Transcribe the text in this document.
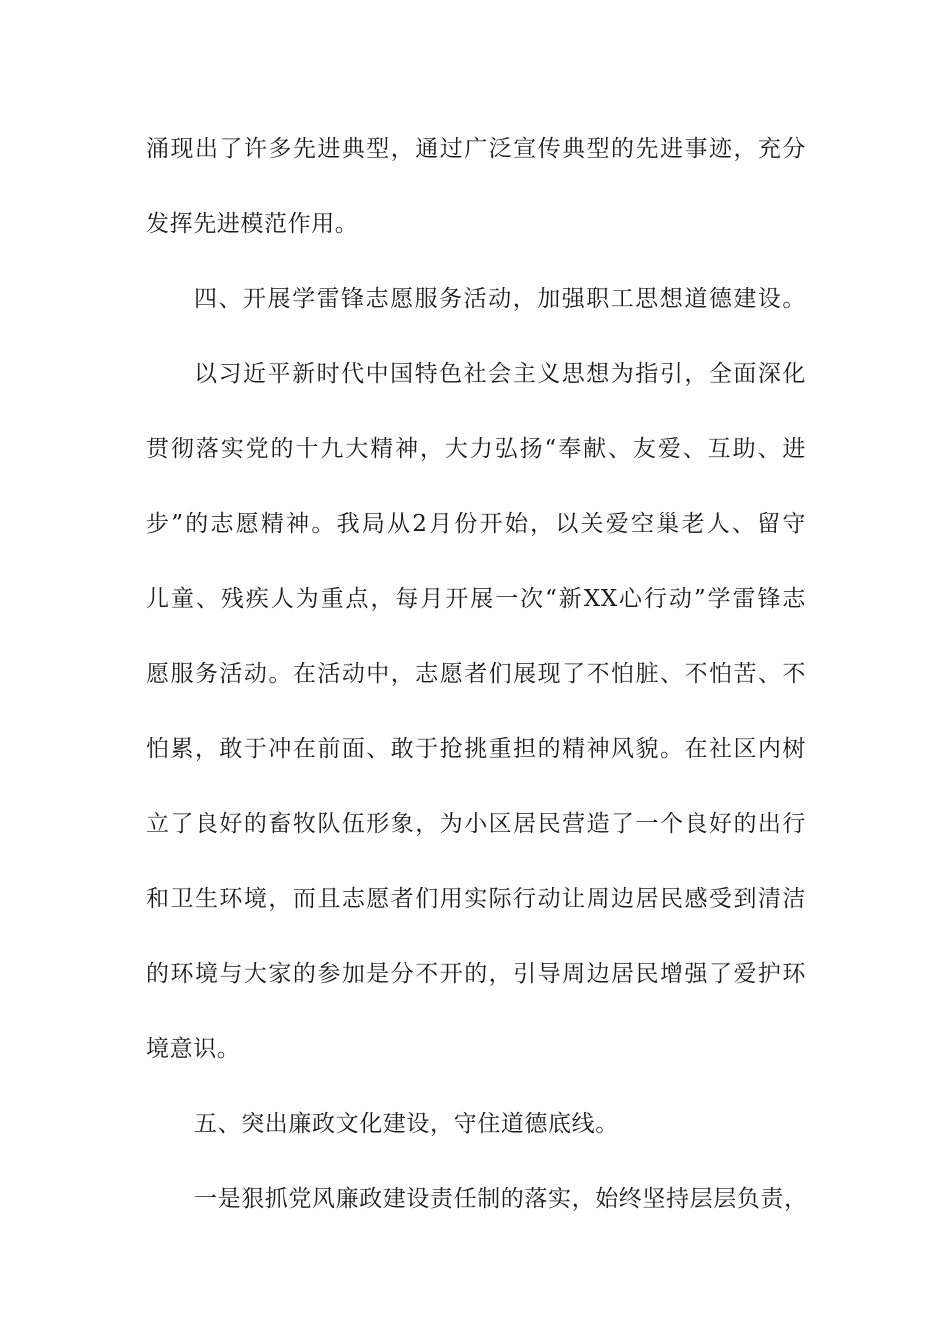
涌现出了许多先进典型，通过广泛宣传典型的先进事迹，充分
发挥先进模范作用。
四、开展学雷锋志愿服务活动，加强职工思想道德建设。
以习近平新时代中国特色社会主义思想为指引，全面深化
贯彻落实党的十九大精神，大力弘扬“奉献、友爱、互助、进
步”的志愿精神。我局从2月份开始，以关爱空巢老人、留守
儿童、残疾人为重点，每月开展一次“新XX心行动”学雷锋志
愿服务活动。在活动中，志愿者们展现了不怕脏、不怕苦、不
怕累，敢于冲在前面、敢于抢挑重担的精神风貌。在社区内树
立了良好的畜牧队伍形象，为小区居民营造了一个良好的出行
和卫生环境，而且志愿者们用实际行动让周边居民感受到清洁
的环境与大家的参加是分不开的，引导周边居民增强了爱护环
境意识。
五、突出廉政文化建设，守住道德底线。
一是狠抓党风廉政建设责任制的落实，始终坚持层层负责，
